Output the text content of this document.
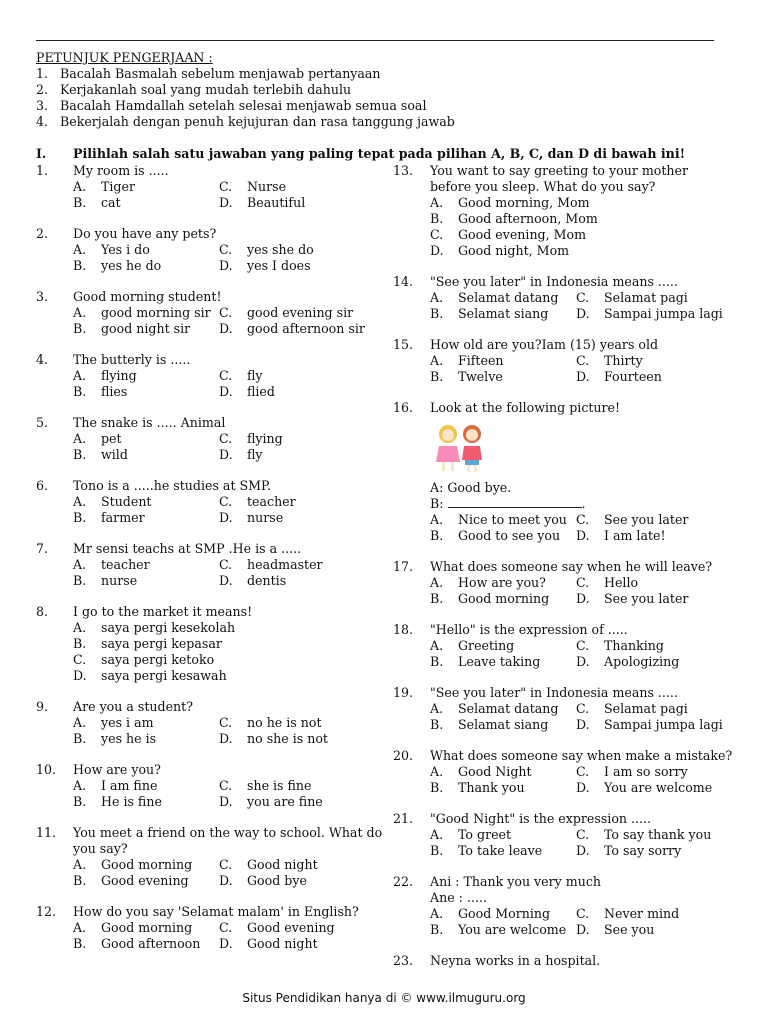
PETUNJUK PENGERJAAN :
1. Bacalah Basmalah sebelum menjawab pertanyaan
2. Kerjakanlah soal yang mudah terlebih dahulu
3. Bacalah Hamdallah setelah selesai menjawab semua soal
4. Bekerjalah dengan penuh kejujuran dan rasa tanggung jawab
I.	Pilihlah salah satu jawaban yang paling tepat pada pilihan A, B, C, dan D di bawah ini!
1.	My room is .....
A.	Tiger	C.	Nurse
B.	cat	D.	Beautiful
2.	Do you have any pets?
A.	Yes i do	C.	yes she do
B.	yes he do	D.	yes I does
3.	Good morning student!
A.	good morning sir C.	good evening sir
B.	good night sir D.	good afternoon sir
4.	The butterly is .....
A.	flying	C.	fly
B.	flies	D.	flied
5.	The snake is ..... Animal
A.	pet	C.	flying
B.	wild	D.	fly
6.	Tono is a .....he studies at SMP.
A.	Student	C.	teacher
B.	farmer	D.	nurse
7.	Mr sensi teachs at SMP .He is a .....
A.	teacher	C.	headmaster
B.	nurse	D.	dentis
8.	I go to the market it means!
A.	saya pergi kesekolah
B.	saya pergi kepasar
C.	saya pergi ketoko
D.	saya pergi kesawah
9.	Are you a student?
A.	yes i am	C.	no he is not
B.	yes he is	D.	no she is not
10.	How are you?
A.	I am fine	C.	she is fine
B.	He is fine	D.	you are fine
11.	You meet a friend on the way to school. What do you say?
A.	Good morning C.	Good night
B.	Good evening D.	Good bye
12.	How do you say 'Selamat malam' in English?
A.	Good morning C.	Good evening
B.	Good afternoon D.	Good night
13.	You want to say greeting to your mother before you sleep. What do you say?
A.	Good morning, Mom
B.	Good afternoon, Mom
C.	Good evening, Mom
D.	Good night, Mom
14.	"See you later" in Indonesia means .....
A.	Selamat datang C.	Selamat pagi
B.	Selamat siang D.	Sampai jumpa lagi
15.	How old are you?Iam (15) years old
A.	Fifteen	C.	Thirty
B.	Twelve	D.	Fourteen
16.	Look at the following picture!
A: Good bye.
B:	.
A.	Nice to meet you C.	See you later
B.	Good to see you D.	I am late!
17.	What does someone say when he will leave?
A.	How are you? C.	Hello
B.	Good morning D.	See you later
18.	"Hello" is the expression of .....
A.	Greeting	C.	Thanking
B.	Leave taking	D.	Apologizing
19.	"See you later" in Indonesia means .....
A.	Selamat datang C.	Selamat pagi
B.	Selamat siang D.	Sampai jumpa lagi
20.	What does someone say when make a mistake?
A.	Good Night	C.	I am so sorry
B.	Thank you	D.	You are welcome
21.	"Good Night" is the expression .....
A.	To greet	C.	To say thank you
B.	To take leave	D.	To say sorry
22.	Ani : Thank you very much
Ane : .....
A.	Good Morning C.	Never mind
B.	You are welcome D.	See you
23.	Neyna works in a hospital.
Situs Pendidikan hanya di © www.ilmuguru.org
